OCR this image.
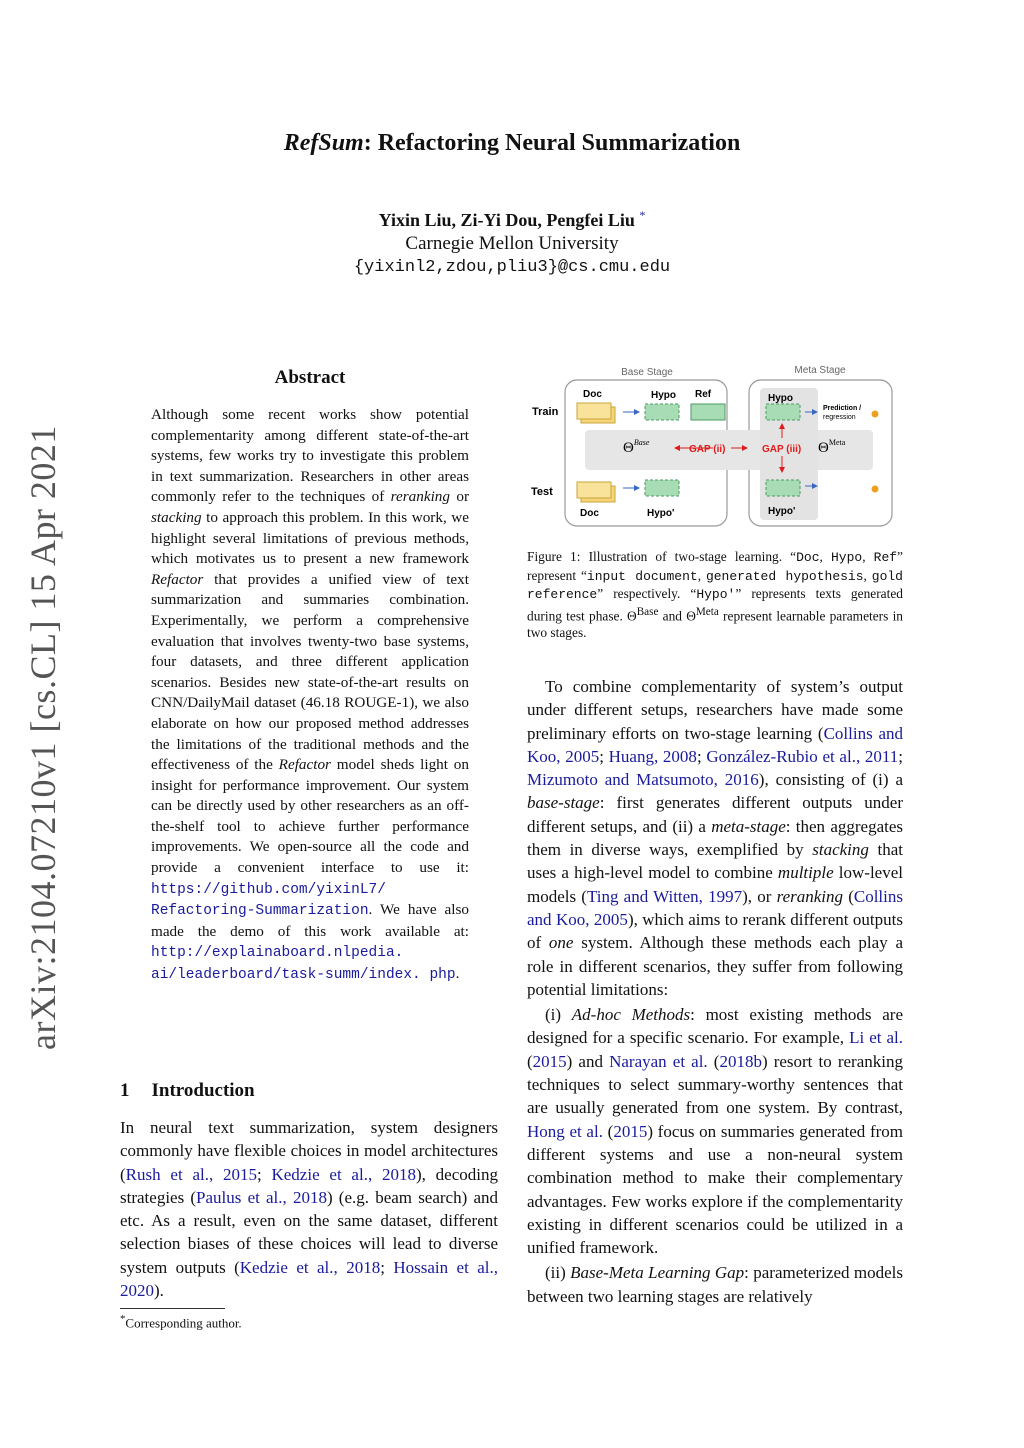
arXiv:2104.07210v1 [cs.CL] 15 Apr 2021
RefSum: Refactoring Neural Summarization
Yixin Liu, Zi-Yi Dou, Pengfei Liu *
Carnegie Mellon University
{yixinl2,zdou,pliu3}@cs.cmu.edu
Abstract
Although some recent works show potential complementarity among different state-of-the-art systems, few works try to investigate this problem in text summarization. Researchers in other areas commonly refer to the techniques of reranking or stacking to approach this problem. In this work, we highlight several limitations of previous methods, which motivates us to present a new framework Refactor that provides a unified view of text summarization and summaries combination. Experimentally, we perform a comprehensive evaluation that involves twenty-two base systems, four datasets, and three different application scenarios. Besides new state-of-the-art results on CNN/DailyMail dataset (46.18 ROUGE-1), we also elaborate on how our proposed method addresses the limitations of the traditional methods and the effectiveness of the Refactor model sheds light on insight for performance improvement. Our system can be directly used by other researchers as an off-the-shelf tool to achieve further performance improvements. We open-source all the code and provide a convenient interface to use it: https://github.com/yixinL7/ Refactoring-Summarization. We have also made the demo of this work available at: http://explainaboard.nlpedia. ai/leaderboard/task-summ/index. php.
1 Introduction
In neural text summarization, system designers commonly have flexible choices in model architectures (Rush et al., 2015; Kedzie et al., 2018), decoding strategies (Paulus et al., 2018) (e.g. beam search) and etc. As a result, even on the same dataset, different selection biases of these choices will lead to diverse system outputs (Kedzie et al., 2018; Hossain et al., 2020).
*Corresponding author.
Base Stage	Meta Stage
Train
Test
Doc	Hypo Ref	Hypo
Prediction /
regression
$\Theta^{Base}$
GAP (ii)	GAP (iii) $\Theta^{Meta}$
Doc	Hypo'	Hypo'
Figure 1: Illustration of two-stage learning. “Doc, Hypo, Ref” represent “input document, generated hypothesis, gold reference” respectively. “Hypo'” represents texts generated during test phase. $\Theta^{Base}$ and $\Theta^{Meta}$ represent learnable parameters in two stages.

To combine complementarity of system’s output under different setups, researchers have made some preliminary efforts on two-stage learning (Collins and Koo, 2005; Huang, 2008; González-Rubio et al., 2011; Mizumoto and Matsumoto, 2016), consisting of (i) a base-stage: first generates different outputs under different setups, and (ii) a meta-stage: then aggregates them in diverse ways, exemplified by stacking that uses a high-level model to combine multiple low-level models (Ting and Witten, 1997), or reranking (Collins and Koo, 2005), which aims to rerank different outputs of one system. Although these methods each play a role in different scenarios, they suffer from following potential limitations:

(i) Ad-hoc Methods: most existing methods are designed for a specific scenario. For example, Li et al. (2015) and Narayan et al. (2018b) resort to reranking techniques to select summary-worthy sentences that are usually generated from one system. By contrast, Hong et al. (2015) focus on summaries generated from different systems and use a non-neural system combination method to make their complementary advantages. Few works explore if the complementarity existing in different scenarios could be utilized in a unified framework.

(ii) Base-Meta Learning Gap: parameterized models between two learning stages are relatively
